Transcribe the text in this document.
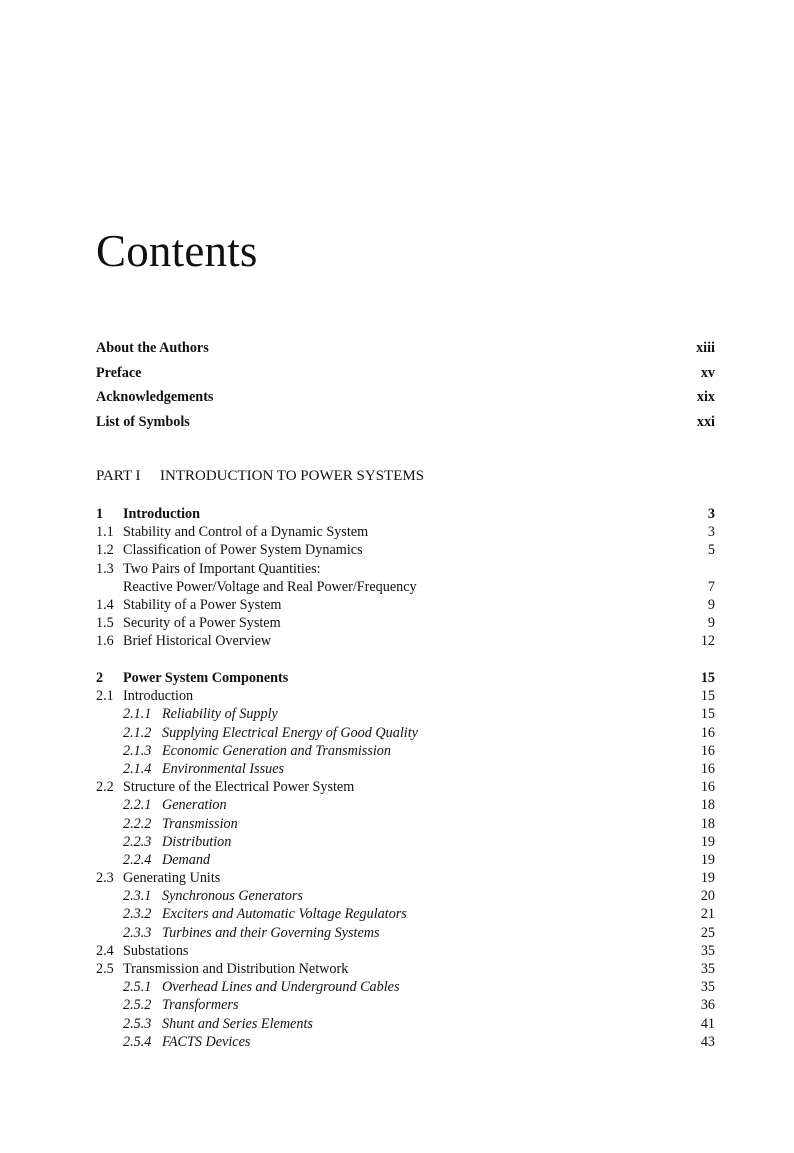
Contents
About the Authors	xiii
Preface	xv
Acknowledgements	xix
List of Symbols	xxi
PART I INTRODUCTION TO POWER SYSTEMS
1 Introduction	3
1.1 Stability and Control of a Dynamic System	3
1.2 Classification of Power System Dynamics	5
1.3 Two Pairs of Important Quantities:
Reactive Power/Voltage and Real Power/Frequency	7
1.4 Stability of a Power System	9
1.5 Security of a Power System	9
1.6 Brief Historical Overview	12
2 Power System Components	15
2.1 Introduction	15
2.1.1 Reliability of Supply	15
2.1.2 Supplying Electrical Energy of Good Quality	16
2.1.3 Economic Generation and Transmission	16
2.1.4 Environmental Issues	16
2.2 Structure of the Electrical Power System	16
2.2.1 Generation	18
2.2.2 Transmission	18
2.2.3 Distribution	19
2.2.4 Demand	19
2.3 Generating Units	19
2.3.1 Synchronous Generators	20
2.3.2 Exciters and Automatic Voltage Regulators	21
2.3.3 Turbines and their Governing Systems	25
2.4 Substations	35
2.5 Transmission and Distribution Network	35
2.5.1 Overhead Lines and Underground Cables	35
2.5.2 Transformers	36
2.5.3 Shunt and Series Elements	41
2.5.4 FACTS Devices	43
